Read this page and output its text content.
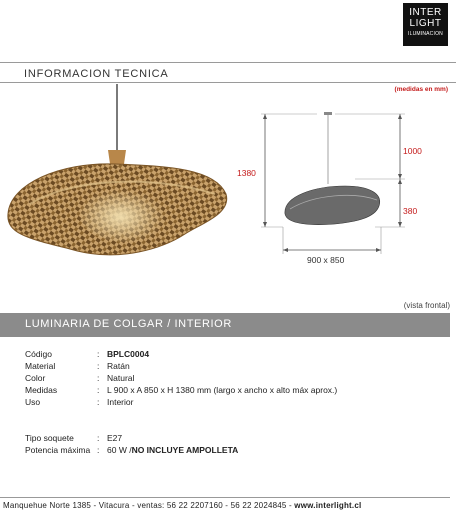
INTER
LIGHT
ILUMINACION
INFORMACION TECNICA
(medidas en mm)
1380
1000
380
900 x 850
(vista frontal)
LUMINARIA DE COLGAR / INTERIOR
Código	: BPLC0004
Material	: Ratán
Color	: Natural
Medidas	: L 900 x A 850 x H 1380 mm (largo x ancho x alto máx aprox.)
Uso	: Interior
Tipo soquete	: E27
Potencia máxima : 60 W /NO INCLUYE AMPOLLETA
Manquehue Norte 1385 - Vitacura - ventas: 56 22 2207160 - 56 22 2024845 - www.interlight.cl
